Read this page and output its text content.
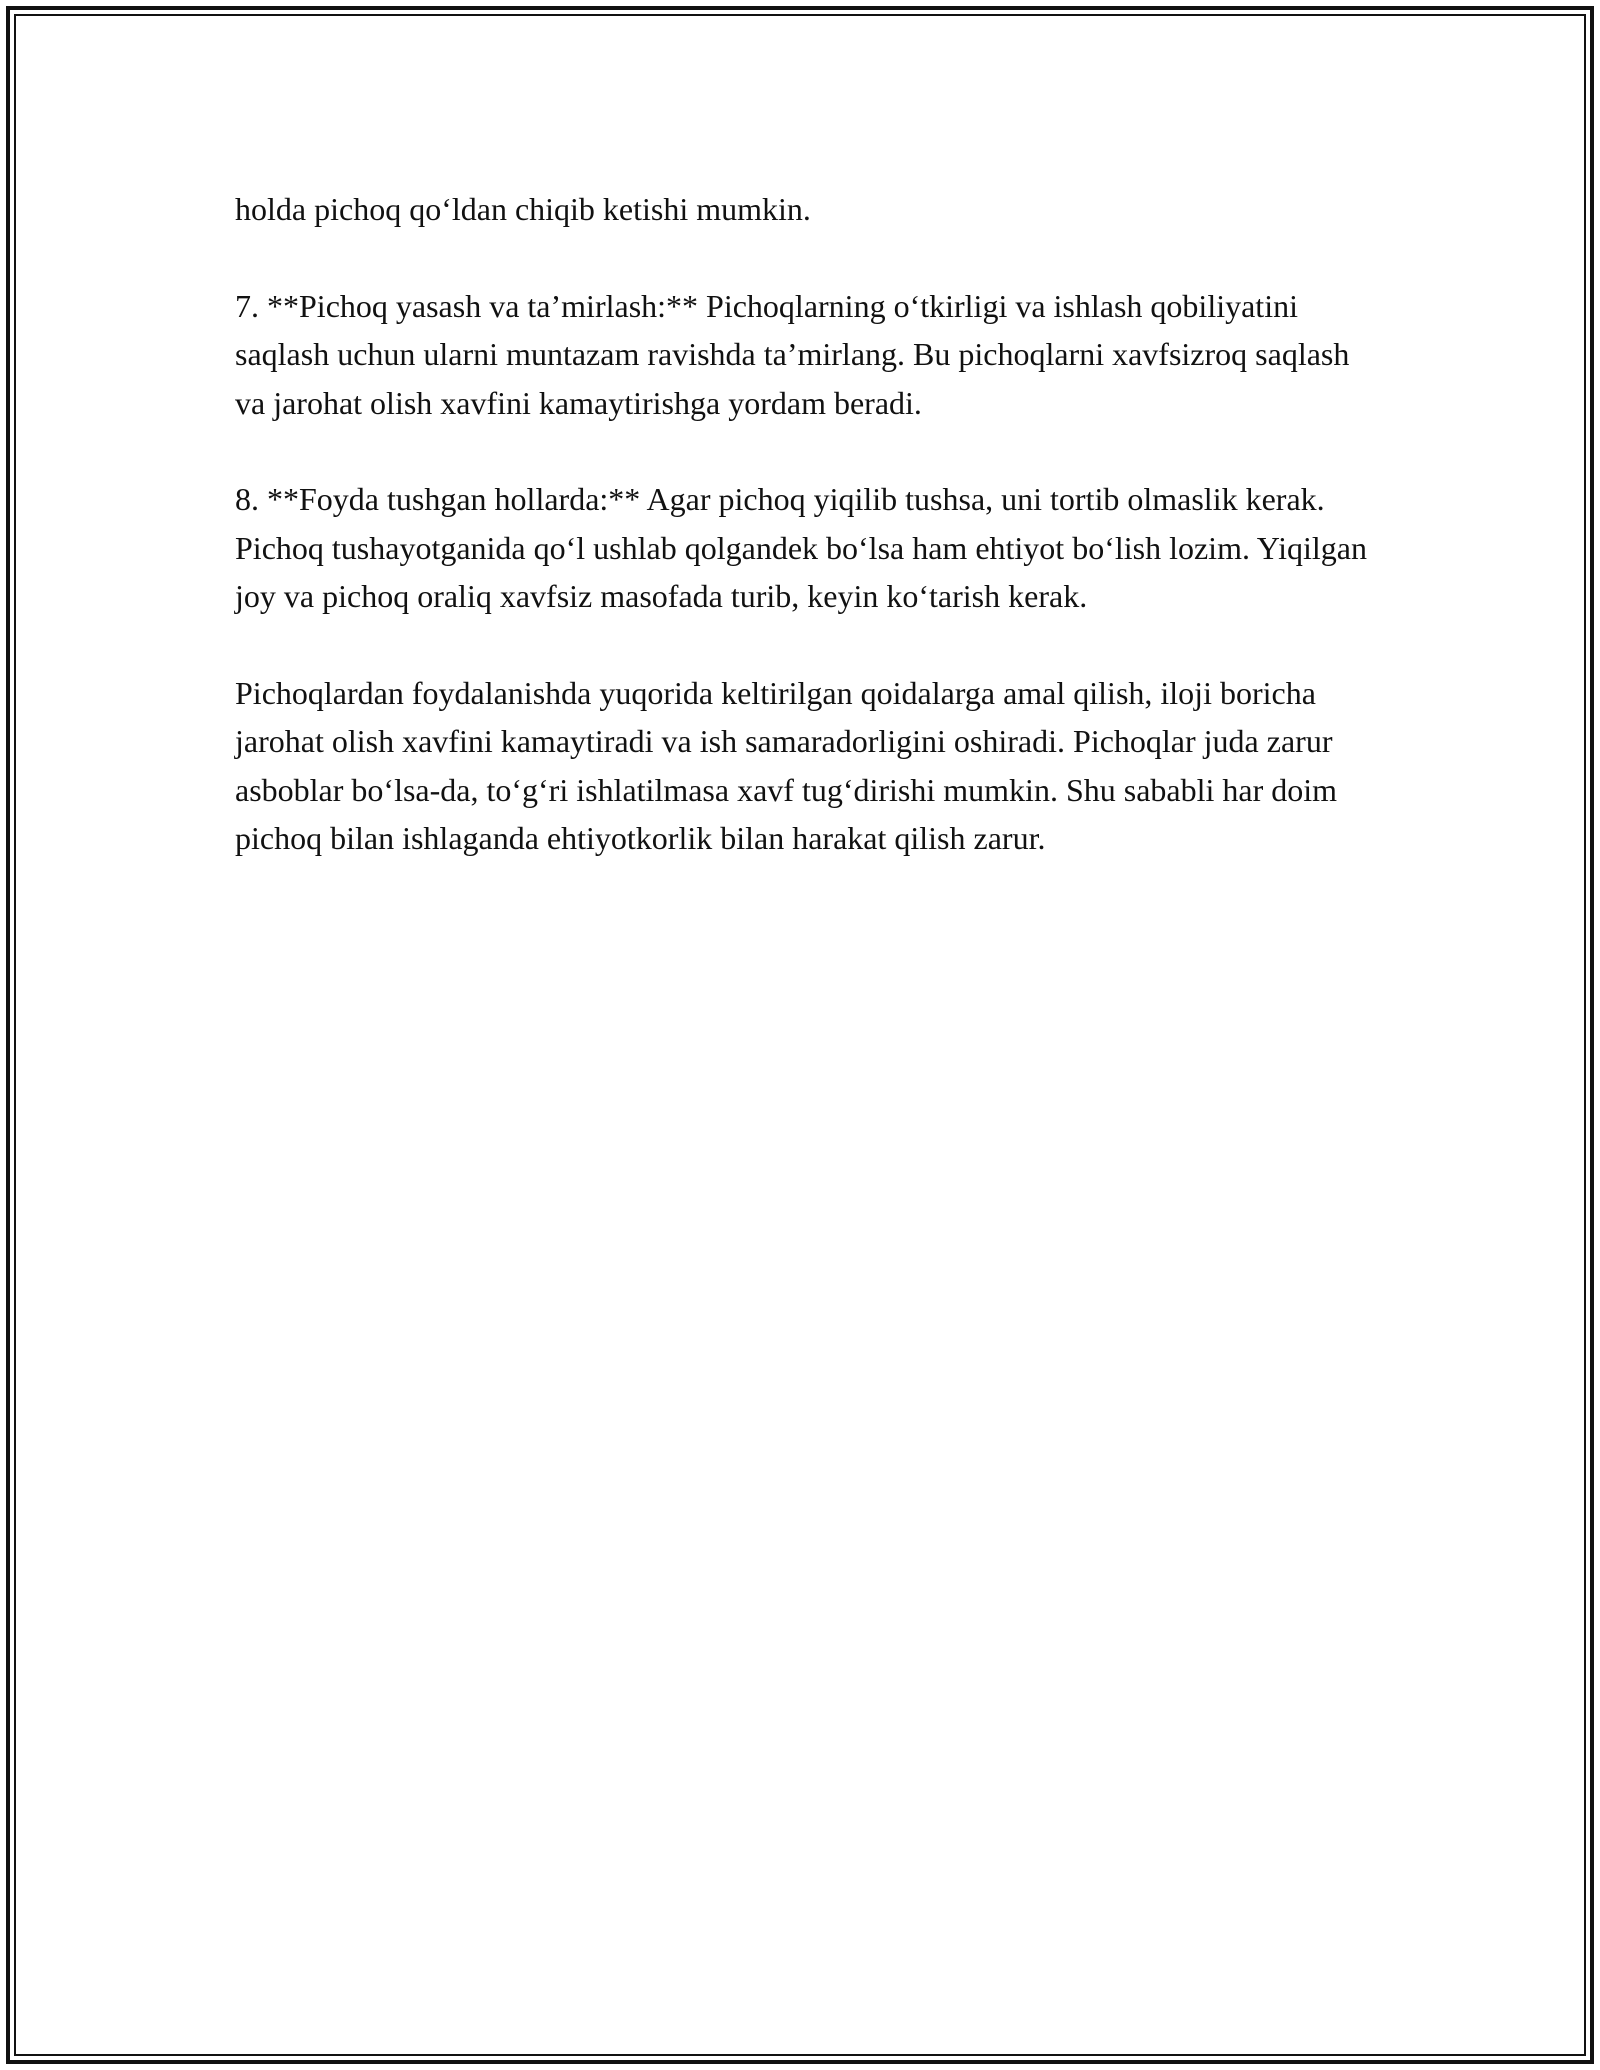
holda pichoq qo‘ldan chiqib ketishi mumkin.

7. **Pichoq yasash va ta’mirlash:** Pichoqlarning o‘tkirligi va ishlash qobiliyatini saqlash uchun ularni muntazam ravishda ta’mirlang. Bu pichoqlarni xavfsizroq saqlash va jarohat olish xavfini kamaytirishga yordam beradi.

8. **Foyda tushgan hollarda:** Agar pichoq yiqilib tushsa, uni tortib olmaslik kerak. Pichoq tushayotganida qo‘l ushlab qolgandek bo‘lsa ham ehtiyot bo‘lish lozim. Yiqilgan joy va pichoq oraliq xavfsiz masofada turib, keyin ko‘tarish kerak.

Pichoqlardan foydalanishda yuqorida keltirilgan qoidalarga amal qilish, iloji boricha jarohat olish xavfini kamaytiradi va ish samaradorligini oshiradi. Pichoqlar juda zarur asboblar bo‘lsa-da, to‘g‘ri ishlatilmasa xavf tug‘dirishi mumkin. Shu sababli har doim pichoq bilan ishlaganda ehtiyotkorlik bilan harakat qilish zarur.
